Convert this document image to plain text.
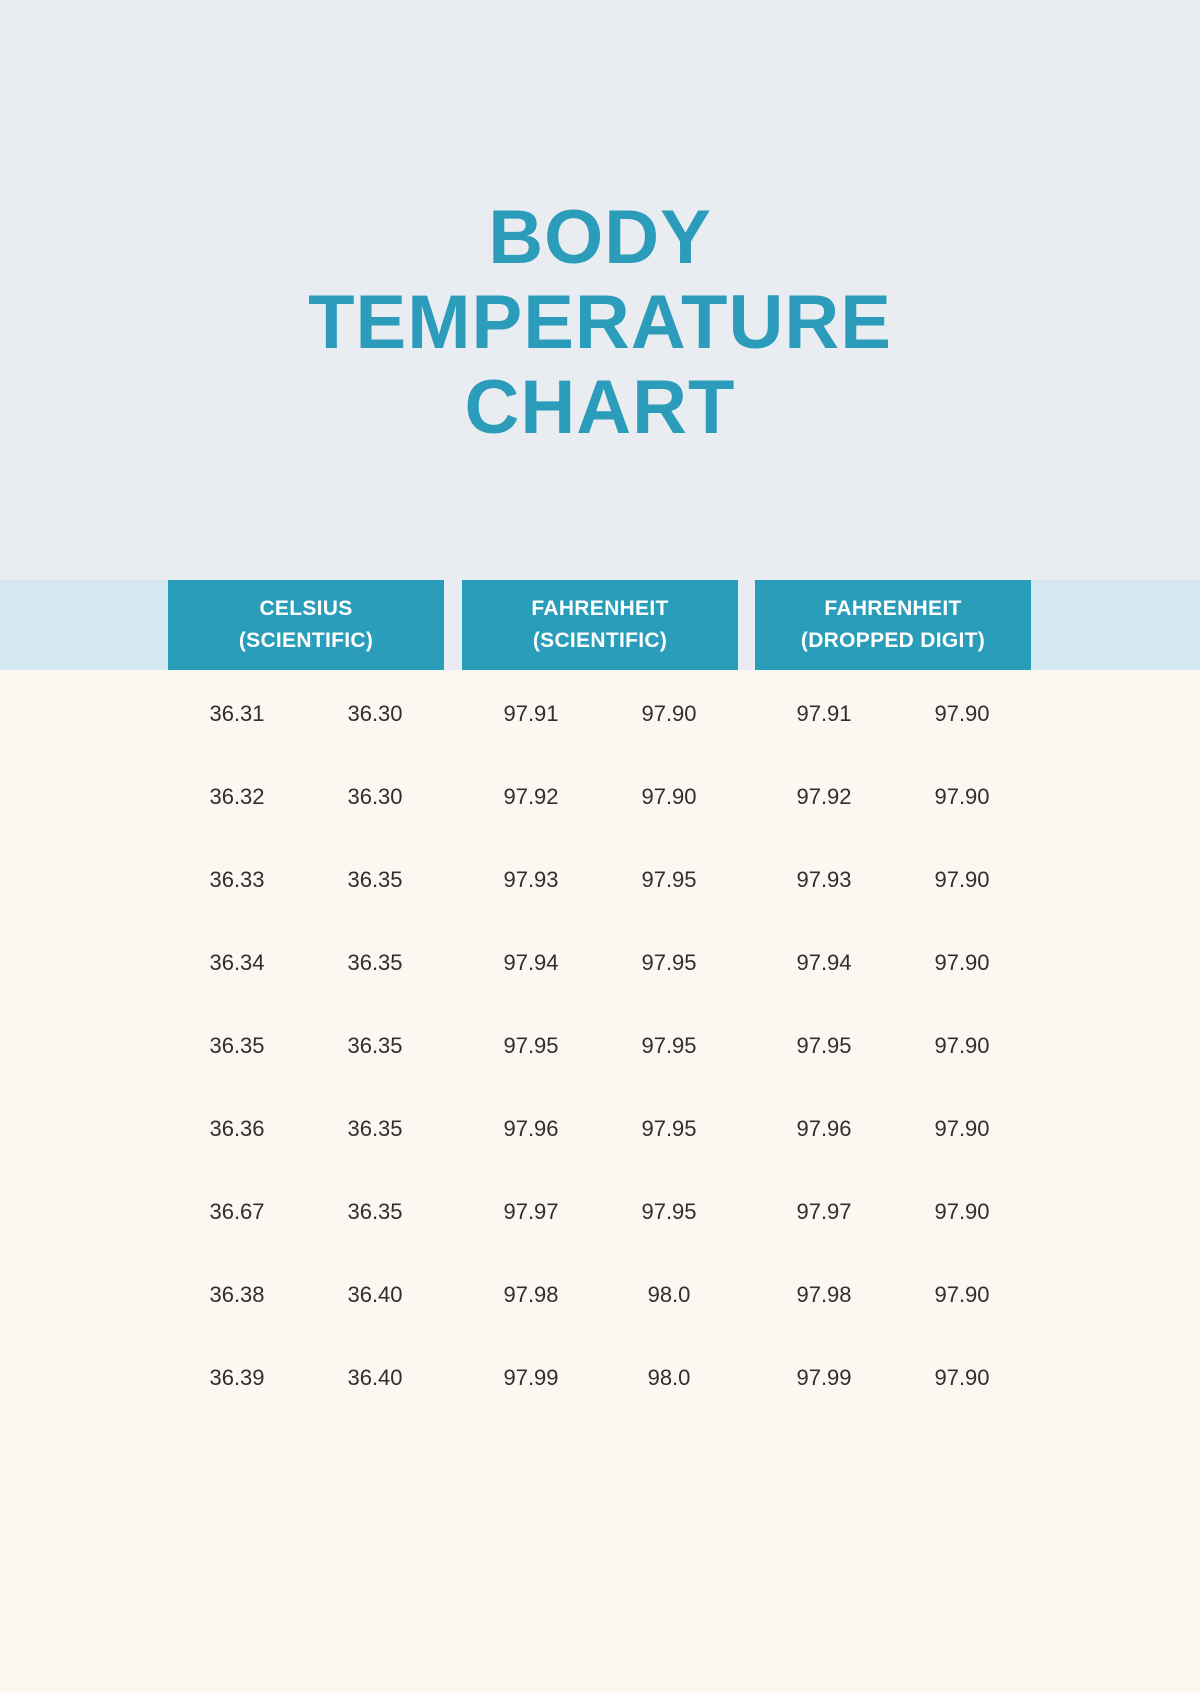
BODY
TEMPERATURE
CHART
CELSIUS
(SCIENTIFIC)
FAHRENHEIT
(SCIENTIFIC)
FAHRENHEIT
(DROPPED DIGIT)
36.31	36.30	97.91	97.90	97.91	97.90
36.32	36.30	97.92	97.90	97.92	97.90
36.33	36.35	97.93	97.95	97.93	97.90
36.34	36.35	97.94	97.95	97.94	97.90
36.35	36.35	97.95	97.95	97.95	97.90
36.36	36.35	97.96	97.95	97.96	97.90
36.67	36.35	97.97	97.95	97.97	97.90
36.38	36.40	97.98	98.0	97.98	97.90
36.39	36.40	97.99	98.0	97.99	97.90
